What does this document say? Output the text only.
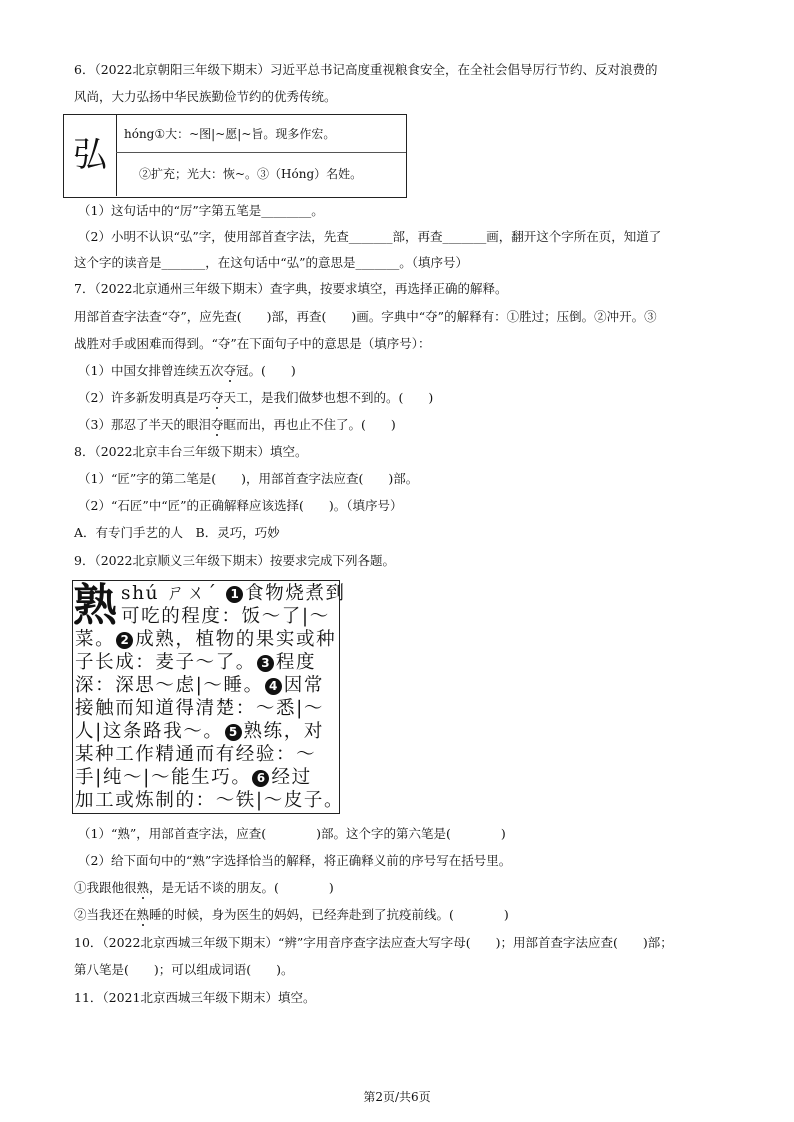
6．（2022北京朝阳三年级下期末）习近平总书记高度重视粮食安全，在全社会倡导厉行节约、反对浪费的
风尚，大力弘扬中华民族勤俭节约的优秀传统。
弘
hóng①大：~图|~愿|~旨。现多作宏。
②扩充；光大：恢~。③（Hóng）名姓。
（1）这句话中的“厉”字第五笔是________。
（2）小明不认识“弘”字，使用部首查字法，先查_______部，再查_______画，翻开这个字所在页，知道了
这个字的读音是_______，在这句话中“弘”的意思是_______。（填序号）
7．（2022北京通州三年级下期末）查字典，按要求填空，再选择正确的解释。
用部首查字法查“夺”，应先查(　　)部，再查(　　)画。字典中“夺”的解释有：①胜过；压倒。②冲开。③
战胜对手或困难而得到。“夺”在下面句子中的意思是（填序号）：
（1）中国女排曾连续五次夺冠。(　　)
（2）许多新发明真是巧夺天工，是我们做梦也想不到的。(　　)
（3）那忍了半天的眼泪夺眶而出，再也止不住了。(　　)
8．（2022北京丰台三年级下期末）填空。
（1）“匠”字的第二笔是(　　)，用部首查字法应查(　　)部。
（2）“石匠”中“匠”的正确解释应该选择(　　)。（填序号）
A．有专门手艺的人　B．灵巧，巧妙
9．（2022北京顺义三年级下期末）按要求完成下列各题。
熟 shú ㄕㄨˊ 1 食物烧煮到
可吃的程度：饭～了|～
菜。 2 成熟，植物的果实或种
子长成：麦子～了。 3 程度
深：深思～虑|～睡。 4 因常
接触而知道得清楚：～悉|～
人|这条路我～。 5 熟练，对
某种工作精通而有经验：～
手|纯～|～能生巧。 6 经过
加工或炼制的：～铁|～皮子。
（1）“熟”，用部首查字法，应查(　　　　)部。这个字的第六笔是(　　　　)
（2）给下面句中的“熟”字选择恰当的解释，将正确释义前的序号写在括号里。
①我跟他很熟，是无话不谈的朋友。(　　　　)
②当我还在熟睡的时候，身为医生的妈妈，已经奔赴到了抗疫前线。(　　　　)
10．（2022北京西城三年级下期末）“辨”字用音序查字法应查大写字母(　　)；用部首查字法应查(　　)部；
第八笔是(　　)；可以组成词语(　　)。
11．（2021北京西城三年级下期末）填空。
第2页/共6页
